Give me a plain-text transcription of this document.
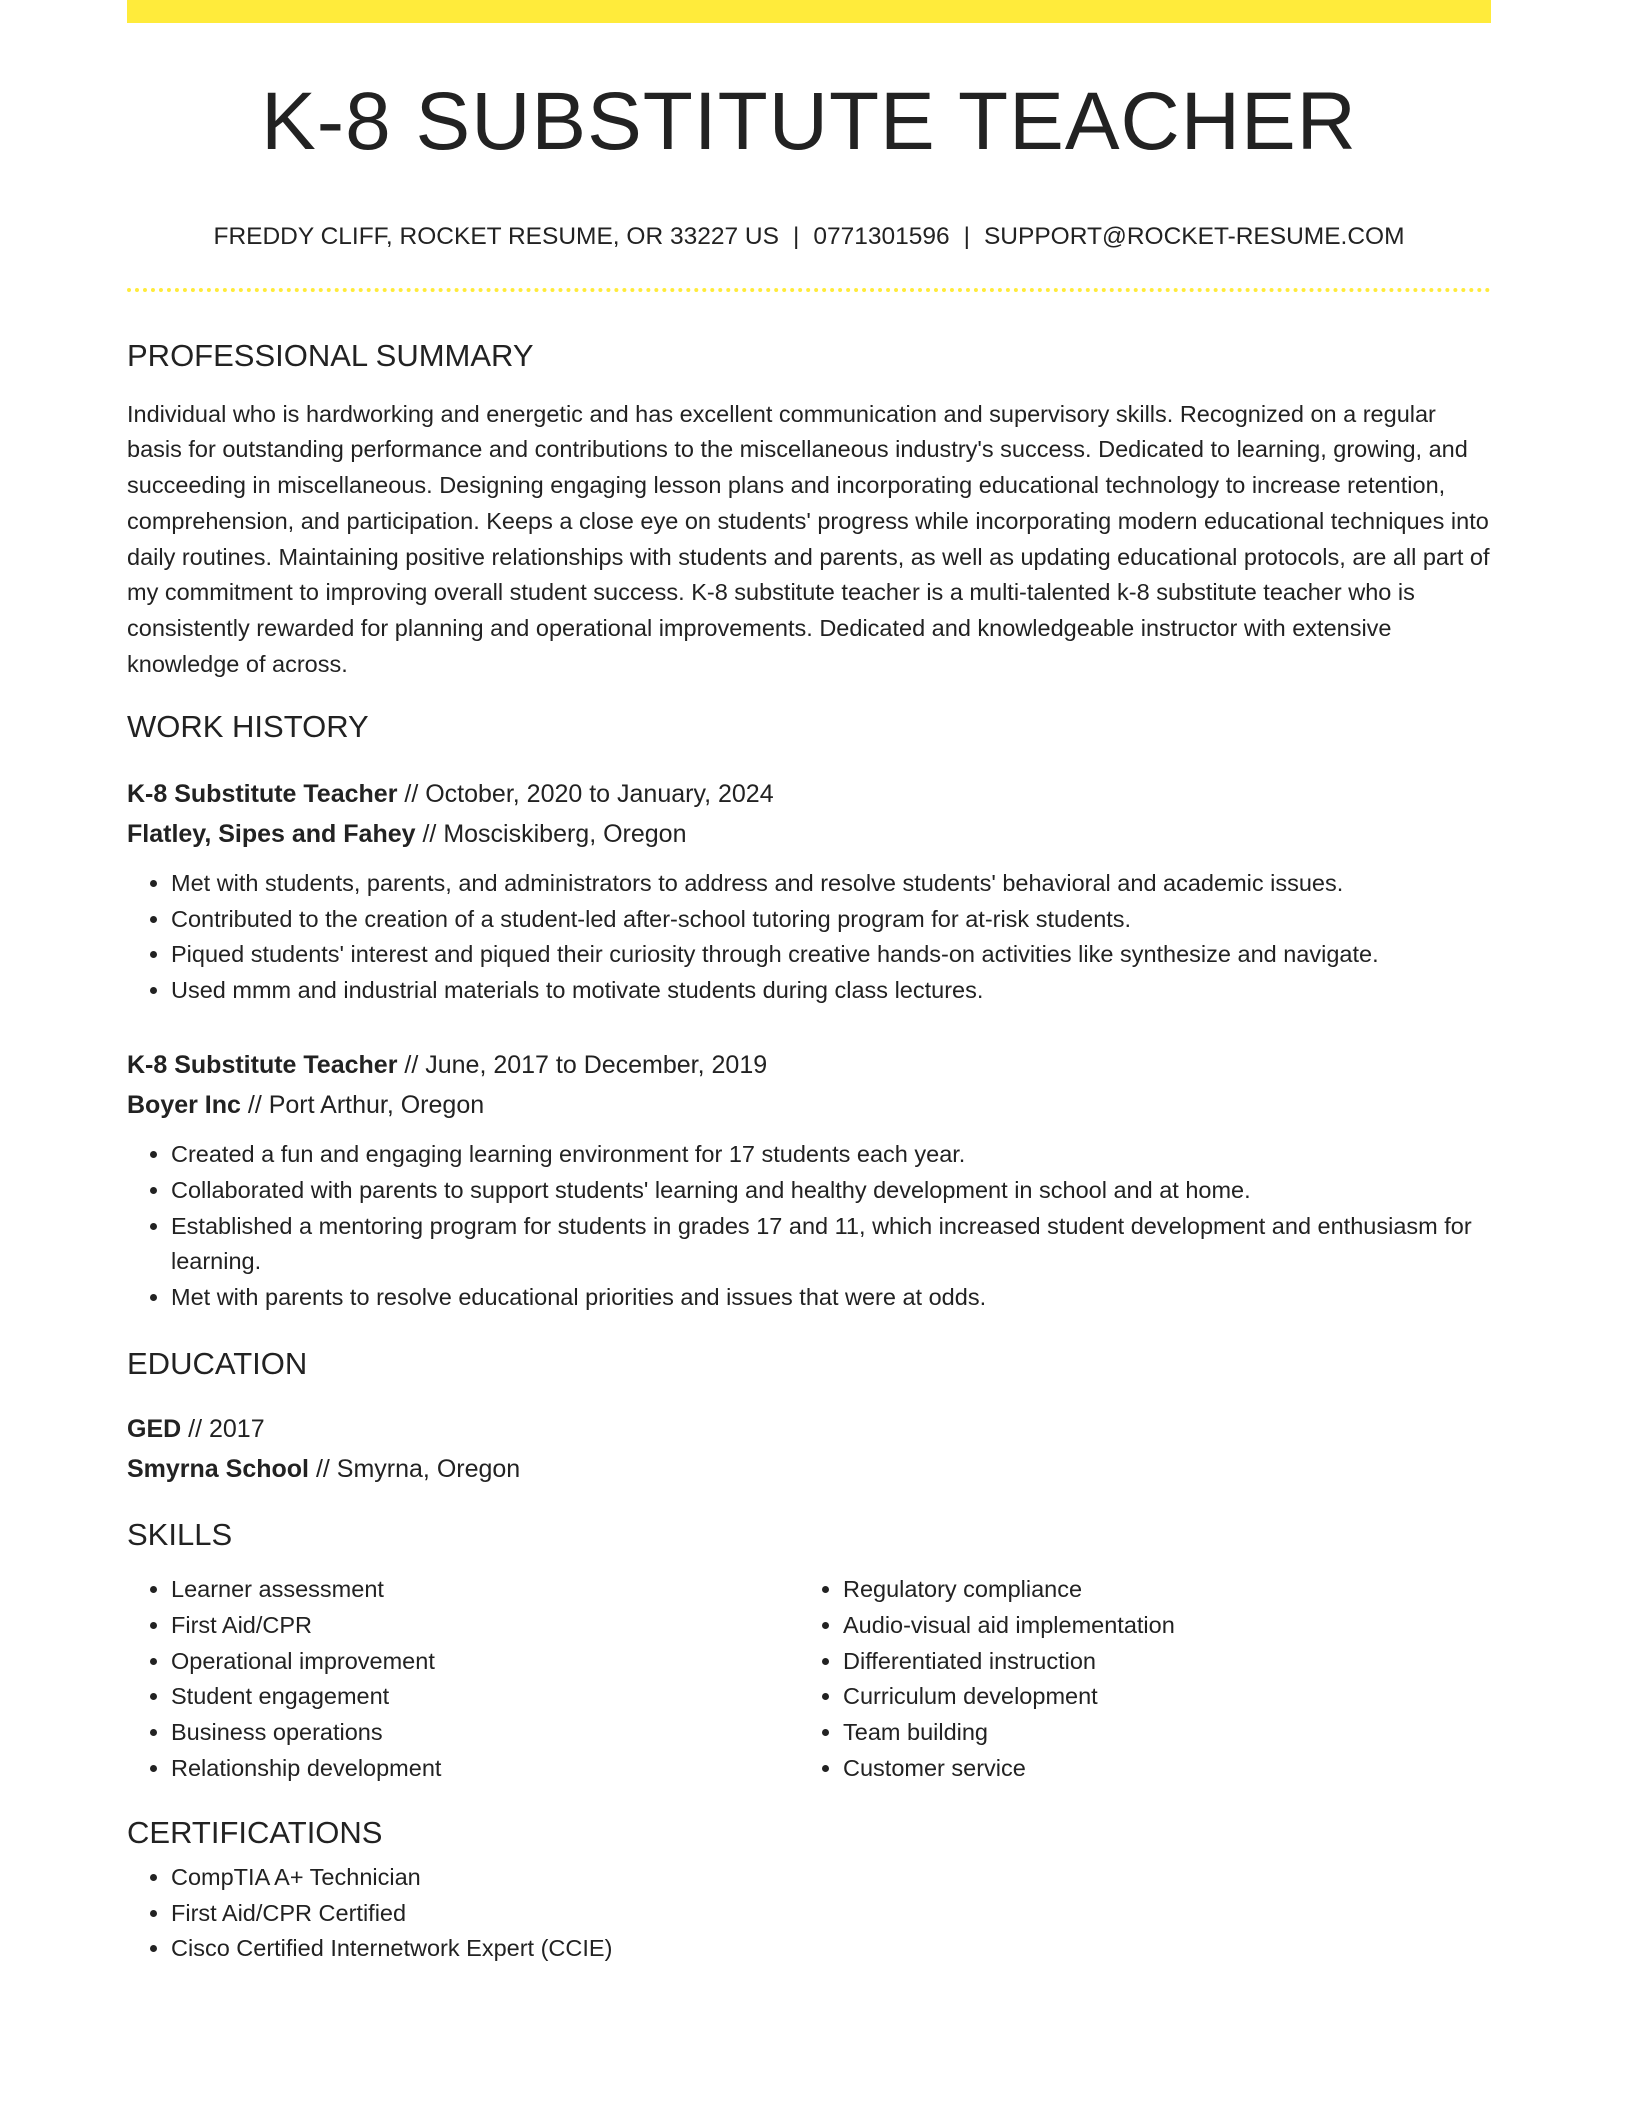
K-8 SUBSTITUTE TEACHER
FREDDY CLIFF, ROCKET RESUME, OR 33227 US | 0771301596 | SUPPORT@ROCKET-RESUME.COM
PROFESSIONAL SUMMARY
Individual who is hardworking and energetic and has excellent communication and supervisory skills. Recognized on a regular basis for outstanding performance and contributions to the miscellaneous industry's success. Dedicated to learning, growing, and succeeding in miscellaneous. Designing engaging lesson plans and incorporating educational technology to increase retention, comprehension, and participation. Keeps a close eye on students' progress while incorporating modern educational techniques into daily routines. Maintaining positive relationships with students and parents, as well as updating educational protocols, are all part of my commitment to improving overall student success. K-8 substitute teacher is a multi-talented k-8 substitute teacher who is consistently rewarded for planning and operational improvements. Dedicated and knowledgeable instructor with extensive knowledge of across.
WORK HISTORY
K-8 Substitute Teacher // October, 2020 to January, 2024
Flatley, Sipes and Fahey // Mosciskiberg, Oregon
• Met with students, parents, and administrators to address and resolve students' behavioral and academic issues.
• Contributed to the creation of a student-led after-school tutoring program for at-risk students.
• Piqued students' interest and piqued their curiosity through creative hands-on activities like synthesize and navigate.
• Used mmm and industrial materials to motivate students during class lectures.
K-8 Substitute Teacher // June, 2017 to December, 2019
Boyer Inc // Port Arthur, Oregon
• Created a fun and engaging learning environment for 17 students each year.
• Collaborated with parents to support students' learning and healthy development in school and at home.
• Established a mentoring program for students in grades 17 and 11, which increased student development and enthusiasm for learning.
• Met with parents to resolve educational priorities and issues that were at odds.
EDUCATION
GED // 2017
Smyrna School // Smyrna, Oregon
SKILLS
• Learner assessment
• First Aid/CPR
• Operational improvement
• Student engagement
• Business operations
• Relationship development
• Regulatory compliance
• Audio-visual aid implementation
• Differentiated instruction
• Curriculum development
• Team building
• Customer service
CERTIFICATIONS
• CompTIA A+ Technician
• First Aid/CPR Certified
• Cisco Certified Internetwork Expert (CCIE)
